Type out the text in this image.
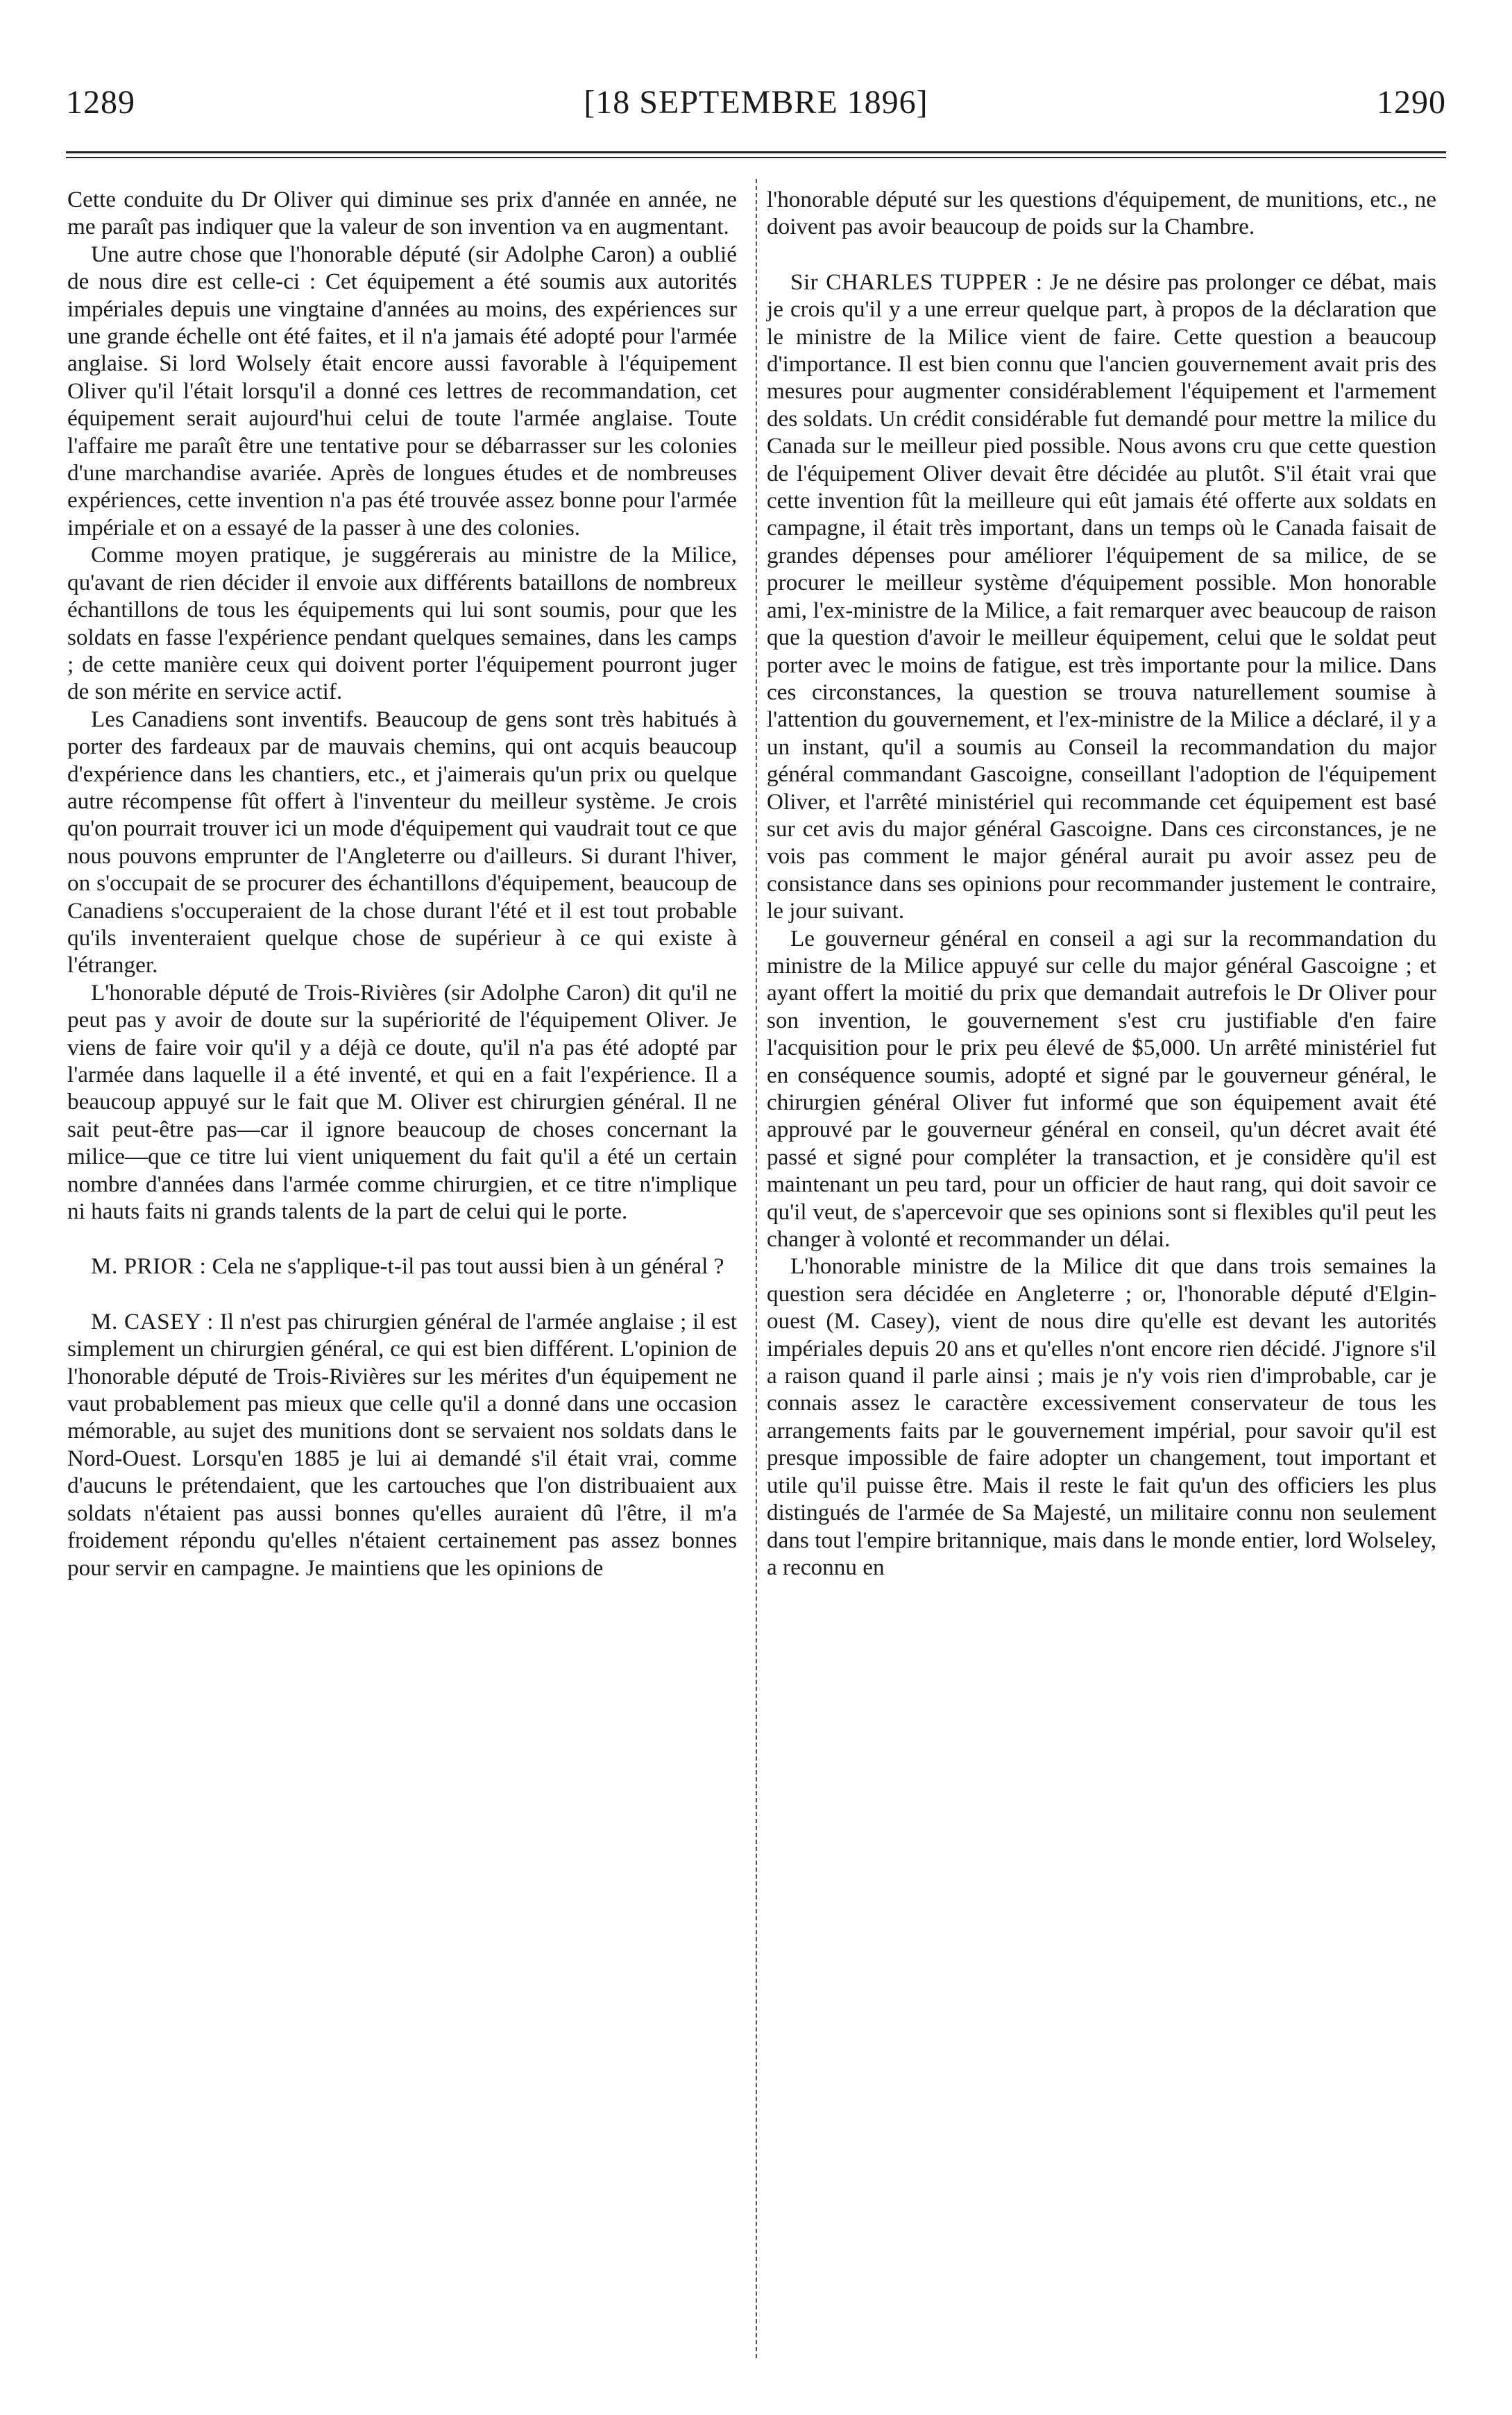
1289	[18 SEPTEMBRE 1896]	1290

Cette conduite du Dr Oliver qui diminue ses prix d'année en année, ne me paraît pas indiquer que la valeur de son invention va en augmentant.

Une autre chose que l'honorable député (sir Adolphe Caron) a oublié de nous dire est celle-ci : Cet équipement a été soumis aux autorités impériales depuis une vingtaine d'années au moins, des expériences sur une grande échelle ont été faites, et il n'a jamais été adopté pour l'armée anglaise. Si lord Wolsely était encore aussi favorable à l'équipement Oliver qu'il l'était lorsqu'il a donné ces lettres de recommandation, cet équipement serait aujourd'hui celui de toute l'armée anglaise. Toute l'affaire me paraît être une tentative pour se débarrasser sur les colonies d'une marchandise avariée. Après de longues études et de nombreuses expériences, cette invention n'a pas été trouvée assez bonne pour l'armée impériale et on a essayé de la passer à une des colonies.

Comme moyen pratique, je suggérerais au ministre de la Milice, qu'avant de rien décider il envoie aux différents bataillons de nombreux échantillons de tous les équipements qui lui sont soumis, pour que les soldats en fasse l'expérience pendant quelques semaines, dans les camps ; de cette manière ceux qui doivent porter l'équipement pourront juger de son mérite en service actif.

Les Canadiens sont inventifs. Beaucoup de gens sont très habitués à porter des fardeaux par de mauvais chemins, qui ont acquis beaucoup d'expérience dans les chantiers, etc., et j'aimerais qu'un prix ou quelque autre récompense fût offert à l'inventeur du meilleur système. Je crois qu'on pourrait trouver ici un mode d'équipement qui vaudrait tout ce que nous pouvons emprunter de l'Angleterre ou d'ailleurs. Si durant l'hiver, on s'occupait de se procurer des échantillons d'équipement, beaucoup de Canadiens s'occuperaient de la chose durant l'été et il est tout probable qu'ils inventeraient quelque chose de supérieur à ce qui existe à l'étranger.

L'honorable député de Trois-Rivières (sir Adolphe Caron) dit qu'il ne peut pas y avoir de doute sur la supériorité de l'équipement Oliver. Je viens de faire voir qu'il y a déjà ce doute, qu'il n'a pas été adopté par l'armée dans laquelle il a été inventé, et qui en a fait l'expérience. Il a beaucoup appuyé sur le fait que M. Oliver est chirurgien général. Il ne sait peut-être pas—car il ignore beaucoup de choses concernant la milice—que ce titre lui vient uniquement du fait qu'il a été un certain nombre d'années dans l'armée comme chirurgien, et ce titre n'implique ni hauts faits ni grands talents de la part de celui qui le porte.

M. PRIOR : Cela ne s'applique-t-il pas tout aussi bien à un général ?

M. CASEY : Il n'est pas chirurgien général de l'armée anglaise ; il est simplement un chirurgien général, ce qui est bien différent. L'opinion de l'honorable député de Trois-Rivières sur les mérites d'un équipement ne vaut probablement pas mieux que celle qu'il a donné dans une occasion mémorable, au sujet des munitions dont se servaient nos soldats dans le Nord-Ouest. Lorsqu'en 1885 je lui ai demandé s'il était vrai, comme d'aucuns le prétendaient, que les cartouches que l'on distribuaient aux soldats n'étaient pas aussi bonnes qu'elles auraient dû l'être, il m'a froidement répondu qu'elles n'étaient certainement pas assez bonnes pour servir en campagne. Je maintiens que les opinions de

l'honorable député sur les questions d'équipement, de munitions, etc., ne doivent pas avoir beaucoup de poids sur la Chambre.

Sir CHARLES TUPPER : Je ne désire pas prolonger ce débat, mais je crois qu'il y a une erreur quelque part, à propos de la déclaration que le ministre de la Milice vient de faire. Cette question a beaucoup d'importance. Il est bien connu que l'ancien gouvernement avait pris des mesures pour augmenter considérablement l'équipement et l'armement des soldats. Un crédit considérable fut demandé pour mettre la milice du Canada sur le meilleur pied possible. Nous avons cru que cette question de l'équipement Oliver devait être décidée au plutôt. S'il était vrai que cette invention fût la meilleure qui eût jamais été offerte aux soldats en campagne, il était très important, dans un temps où le Canada faisait de grandes dépenses pour améliorer l'équipement de sa milice, de se procurer le meilleur système d'équipement possible. Mon honorable ami, l'ex-ministre de la Milice, a fait remarquer avec beaucoup de raison que la question d'avoir le meilleur équipement, celui que le soldat peut porter avec le moins de fatigue, est très importante pour la milice. Dans ces circonstances, la question se trouva naturellement soumise à l'attention du gouvernement, et l'ex-ministre de la Milice a déclaré, il y a un instant, qu'il a soumis au Conseil la recommandation du major général commandant Gascoigne, conseillant l'adoption de l'équipement Oliver, et l'arrêté ministériel qui recommande cet équipement est basé sur cet avis du major général Gascoigne. Dans ces circonstances, je ne vois pas comment le major général aurait pu avoir assez peu de consistance dans ses opinions pour recommander justement le contraire, le jour suivant.

Le gouverneur général en conseil a agi sur la recommandation du ministre de la Milice appuyé sur celle du major général Gascoigne ; et ayant offert la moitié du prix que demandait autrefois le Dr Oliver pour son invention, le gouvernement s'est cru justifiable d'en faire l'acquisition pour le prix peu élevé de $5,000. Un arrêté ministériel fut en conséquence soumis, adopté et signé par le gouverneur général, le chirurgien général Oliver fut informé que son équipement avait été approuvé par le gouverneur général en conseil, qu'un décret avait été passé et signé pour compléter la transaction, et je considère qu'il est maintenant un peu tard, pour un officier de haut rang, qui doit savoir ce qu'il veut, de s'apercevoir que ses opinions sont si flexibles qu'il peut les changer à volonté et recommander un délai.

L'honorable ministre de la Milice dit que dans trois semaines la question sera décidée en Angleterre ; or, l'honorable député d'Elgin-ouest (M. Casey), vient de nous dire qu'elle est devant les autorités impériales depuis 20 ans et qu'elles n'ont encore rien décidé. J'ignore s'il a raison quand il parle ainsi ; mais je n'y vois rien d'improbable, car je connais assez le caractère excessivement conservateur de tous les arrangements faits par le gouvernement impérial, pour savoir qu'il est presque impossible de faire adopter un changement, tout important et utile qu'il puisse être. Mais il reste le fait qu'un des officiers les plus distingués de l'armée de Sa Majesté, un militaire connu non seulement dans tout l'empire britannique, mais dans le monde entier, lord Wolseley, a reconnu en
